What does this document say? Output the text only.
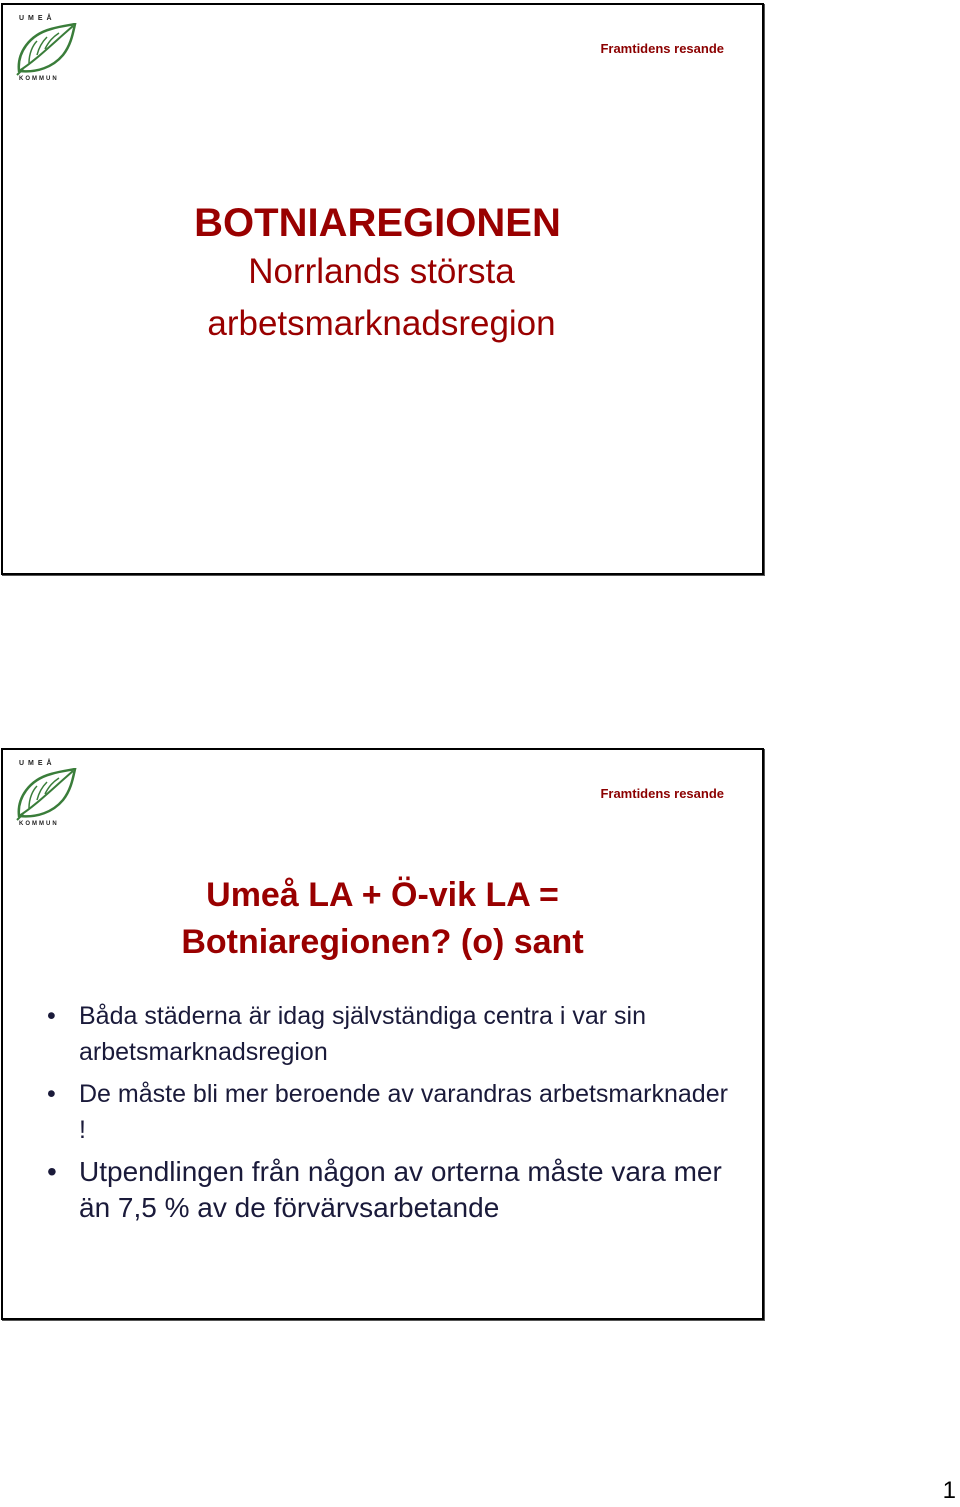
UMEÅ
KOMMUN
Framtidens resande
BOTNIAREGIONEN
Norrlands största
arbetsmarknadsregion
UMEÅ
KOMMUN
Framtidens resande
Umeå LA + Ö-vik LA =
Botniaregionen? (o) sant
• Båda städerna är idag självständiga centra i var sin arbetsmarknadsregion
• De måste bli mer beroende av varandras arbetsmarknader !
• Utpendlingen från någon av orterna måste vara mer än 7,5 % av de förvärvsarbetande
1
